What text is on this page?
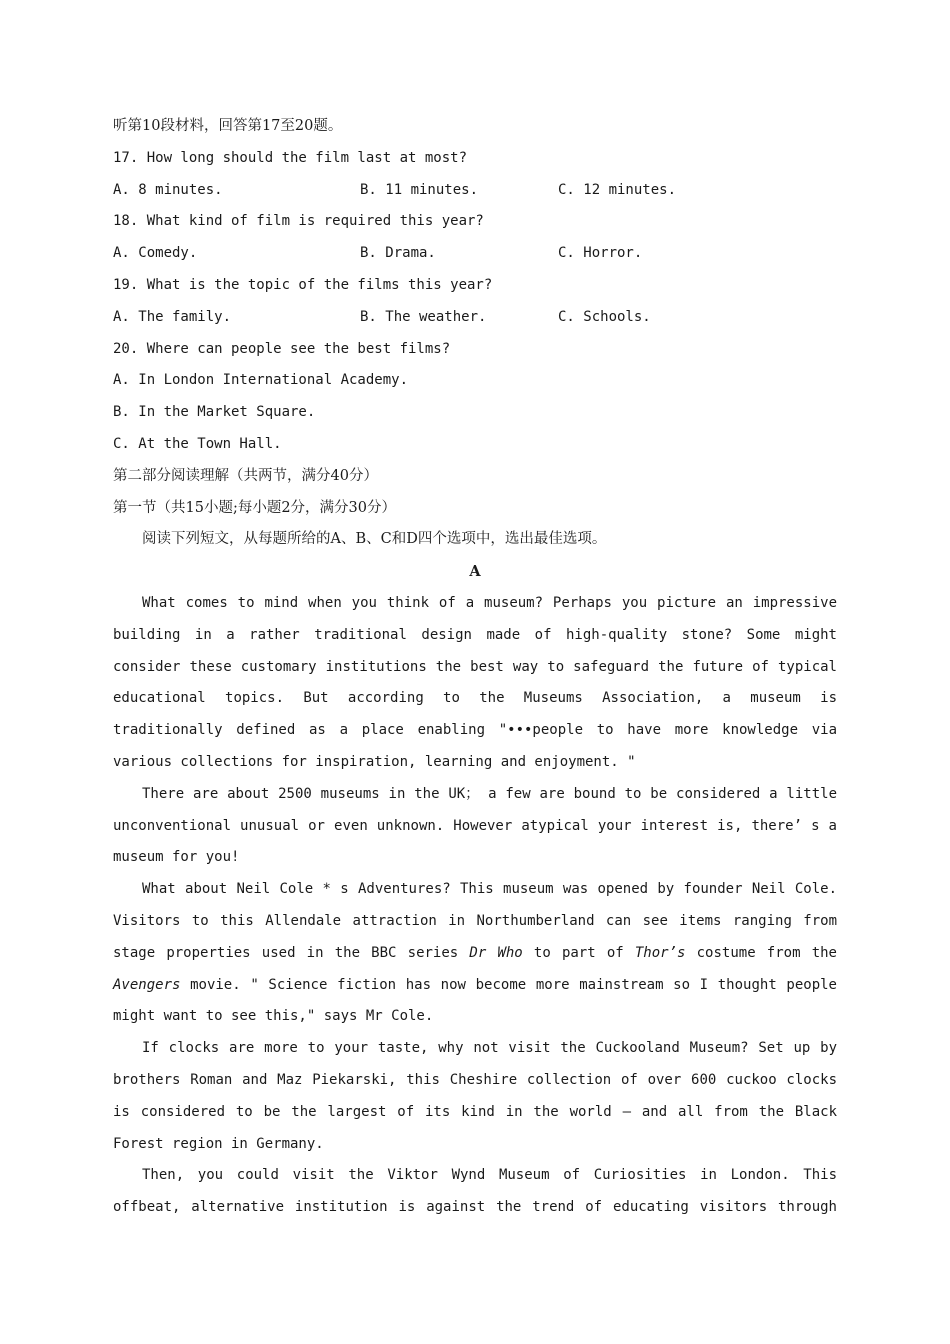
听第10段材料，回答第17至20题。
17. How long should the film last at most?
A. 8 minutes.	B. 11 minutes.	C. 12 minutes.
18. What kind of film is required this year?
A. Comedy.	B. Drama.	C. Horror.
19. What is the topic of the films this year?
A. The family.	B. The weather.	C. Schools.
20. Where can people see the best films?
A. In London International Academy.
B. In the Market Square.
C. At the Town Hall.
第二部分阅读理解（共两节，满分40分）
第一节（共15小题;每小题2分，满分30分）
阅读下列短文，从每题所给的A、B、C和D四个选项中，选出最佳选项。
A
What comes to mind when you think of a museum? Perhaps you picture an impressive
building in a rather traditional design made of high-quality stone? Some might
consider these customary institutions the best way to safeguard the future of typical
educational topics. But according to the Museums Association, a museum is
traditionally defined as a place enabling "•••people to have more knowledge via
various collections for inspiration, learning and enjoyment. "
There are about 2500 museums in the UK； a few are bound to be considered a little
unconventional unusual or even unknown. However atypical your interest is, there’ s a
museum for you!
What about Neil Cole * s Adventures? This museum was opened by founder Neil Cole.
Visitors to this Allendale attraction in Northumberland can see items ranging from
stage properties used in the BBC series Dr Who to part of Thor’s costume from the
Avengers movie. " Science fiction has now become more mainstream so I thought people
might want to see this," says Mr Cole.
If clocks are more to your taste, why not visit the Cuckooland Museum? Set up by
brothers Roman and Maz Piekarski, this Cheshire collection of over 600 cuckoo clocks
is considered to be the largest of its kind in the world — and all from the Black
Forest region in Germany.
Then, you could visit the Viktor Wynd Museum of Curiosities in London. This
offbeat, alternative institution is against the trend of educating visitors through
